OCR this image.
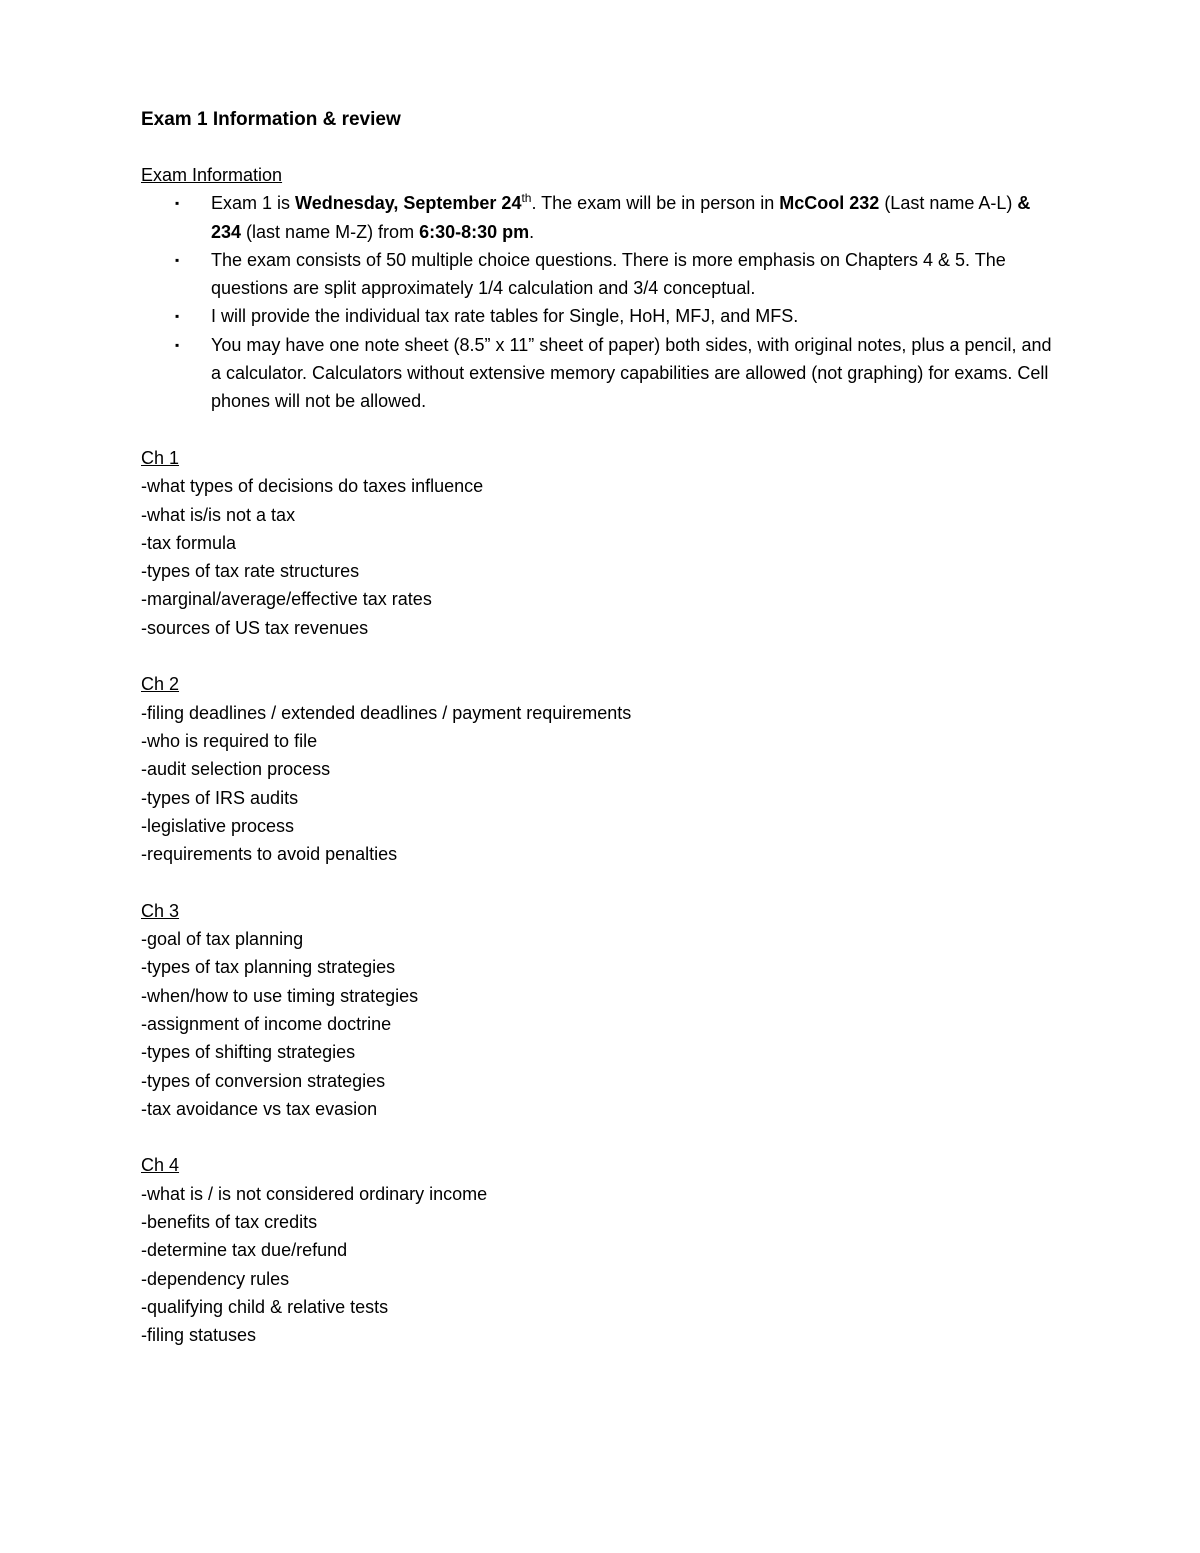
Exam 1 Information & review

Exam Information

▪ Exam 1 is Wednesday, September 24th. The exam will be in person in McCool 232 (Last name A-L) & 234 (last name M-Z) from 6:30-8:30 pm.
▪ The exam consists of 50 multiple choice questions. There is more emphasis on Chapters 4 & 5. The questions are split approximately 1/4 calculation and 3/4 conceptual.
▪ I will provide the individual tax rate tables for Single, HoH, MFJ, and MFS.
▪ You may have one note sheet (8.5” x 11” sheet of paper) both sides, with original notes, plus a pencil, and a calculator. Calculators without extensive memory capabilities are allowed (not graphing) for exams. Cell phones will not be allowed.

Ch 1

-what types of decisions do taxes influence

-what is/is not a tax

-tax formula

-types of tax rate structures

-marginal/average/effective tax rates

-sources of US tax revenues

Ch 2

-filing deadlines / extended deadlines / payment requirements

-who is required to file

-audit selection process

-types of IRS audits

-legislative process

-requirements to avoid penalties

Ch 3

-goal of tax planning

-types of tax planning strategies

-when/how to use timing strategies

-assignment of income doctrine

-types of shifting strategies

-types of conversion strategies

-tax avoidance vs tax evasion

Ch 4

-what is / is not considered ordinary income

-benefits of tax credits

-determine tax due/refund

-dependency rules

-qualifying child & relative tests

-filing statuses
